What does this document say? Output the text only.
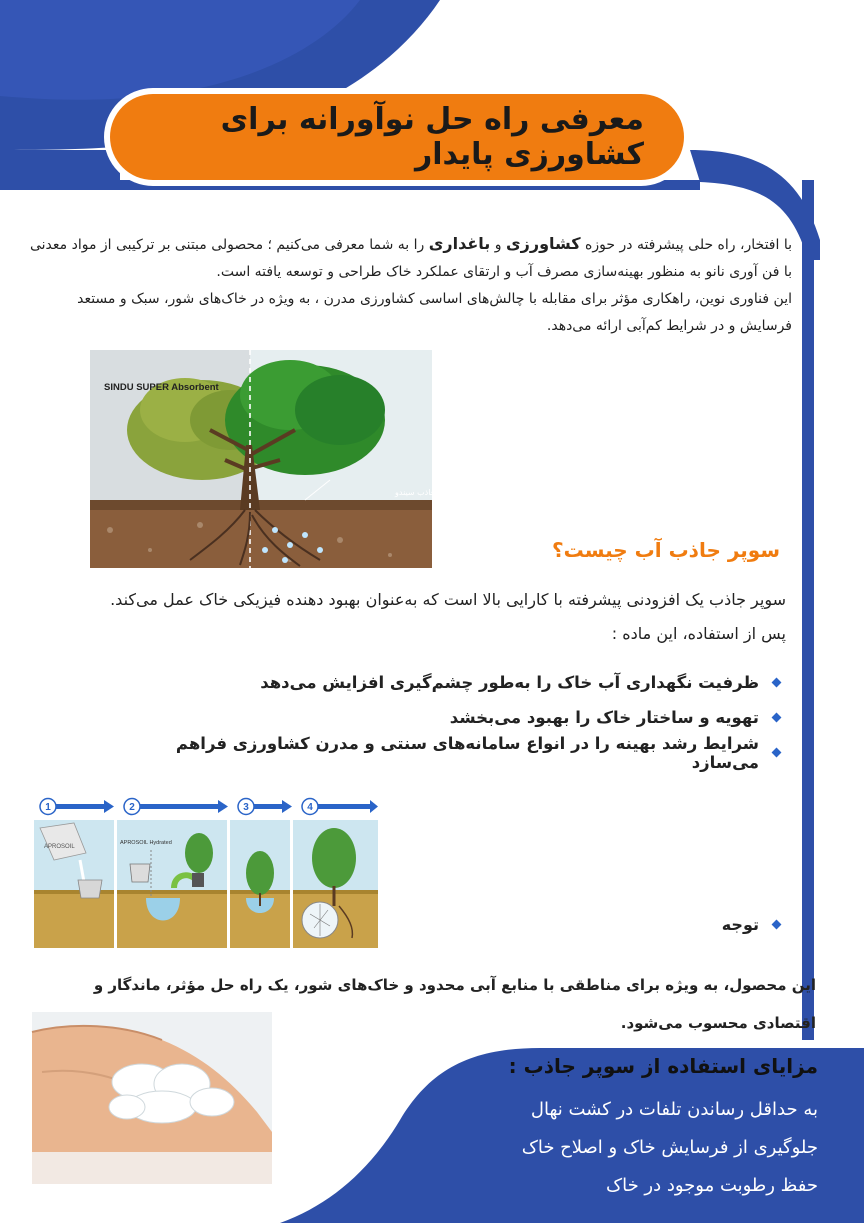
معرفی راه حل نوآورانه برای کشاورزی پایدار
با افتخار، راه حلی پیشرفته در حوزه کشاورزی و باغداری را به شما معرفی می‌کنیم ؛ محصولی مبتنی بر ترکیبی از مواد معدنی با فن آوری نانو به منظور بهینه‌سازی مصرف آب و ارتقای عملکرد خاک طراحی و توسعه یافته است.
این فناوری نوین، راهکاری مؤثر برای مقابله با چالش‌های اساسی کشاورزی مدرن ، به ویژه در خاک‌های شور، سبک و مستعد فرسایش و در شرایط کم‌آبی ارائه می‌دهد.
SINDU SUPER Absorbent
سوپر جاذب سیندو
سوپر جاذب آب چیست؟
سوپر جاذب یک افزودنی پیشرفته با کارایی بالا است که به‌عنوان بهبود دهنده فیزیکی خاک عمل می‌کند.
پس از استفاده، این ماده :
ظرفیت نگهداری آب خاک را به‌طور چشم‌گیری افزایش می‌دهد
تهویه و ساختار خاک را بهبود می‌بخشد
شرایط رشد بهینه را در انواع سامانه‌های سنتی و مدرن کشاورزی فراهم می‌سازد
1	2	3	4
APROSOIL
APROSOIL Hydrated
توجه
این محصول، به ویژه برای مناطقی با منابع آبی محدود و خاک‌های شور، یک راه حل مؤثر، ماندگار و اقتصادی محسوب می‌شود.
مزایای استفاده از سوپر جاذب :
به حداقل رساندن تلفات در کشت نهال
جلوگیری از فرسایش خاک و اصلاح خاک
حفظ رطوبت موجود در خاک
